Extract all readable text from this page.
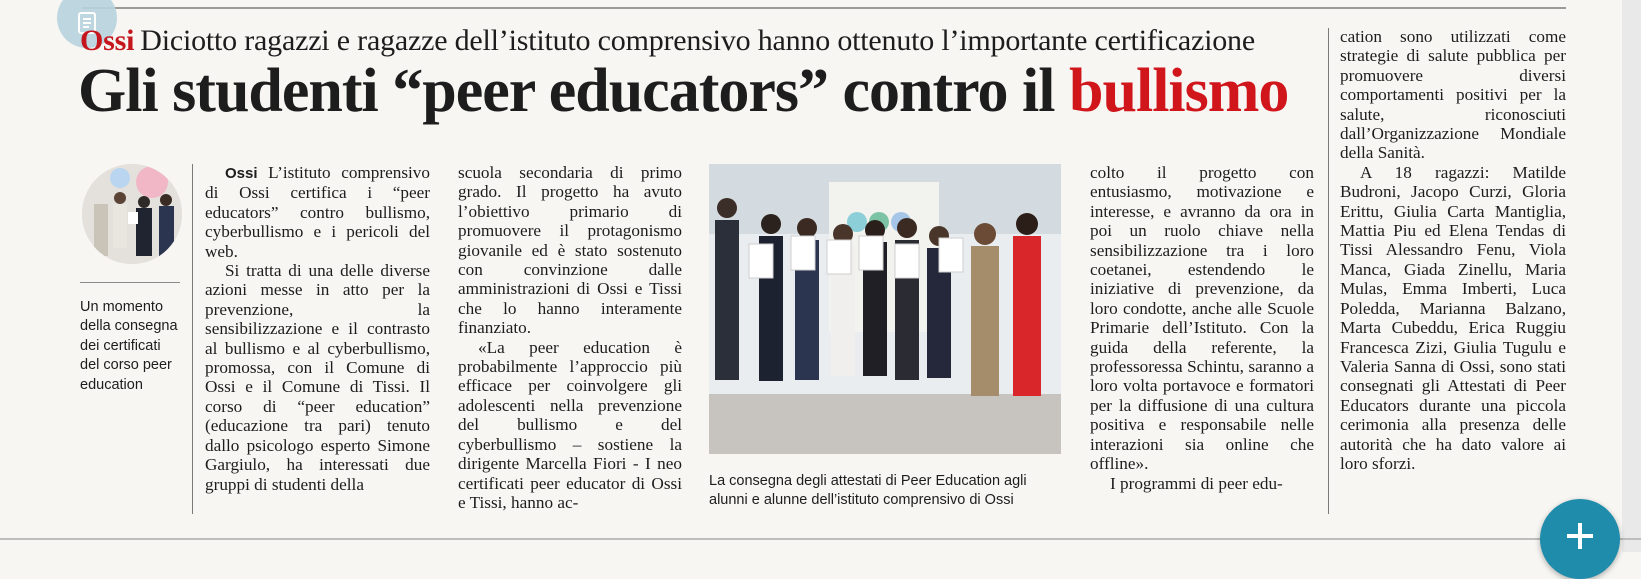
Ossi Diciotto ragazzi e ragazze dell’istituto comprensivo hanno ottenuto l’importante certificazione
Gli studenti “peer educators” contro il bullismo
Un momento della consegna dei certificati del corso peer education

Ossi L’istituto comprensivo di Ossi certifica i “peer educators” contro bullismo, cyberbullismo e i pericoli del web.

Si tratta di una delle diverse azioni messe in atto per la prevenzione, la sensibilizzazione e il contrasto al bullismo e al cyberbullismo, promossa, con il Comune di Ossi e il Comune di Tissi. Il corso di “peer education” (educazione tra pari) tenuto dallo psicologo esperto Simone Gargiulo, ha interessati due gruppi di studenti della

scuola secondaria di primo grado. Il progetto ha avuto l’obiettivo primario di promuovere il protagonismo giovanile ed è stato sostenuto con convinzione dalle amministrazioni di Ossi e Tissi che lo hanno interamente finanziato.

«La peer education è probabilmente l’approccio più efficace per coinvolgere gli adolescenti nella prevenzione del bullismo e del cyberbullismo – sostiene la dirigente Marcella Fiori - I neo certificati peer educator di Ossi e Tissi, hanno ac-

La consegna degli attestati di Peer Education agli alunni e alunne dell’istituto comprensivo di Ossi

colto il progetto con entusiasmo, motivazione e interesse, e avranno da ora in poi un ruolo chiave nella sensibilizzazione tra i loro coetanei, estendendo le iniziative di prevenzione, da loro condotte, anche alle Scuole Primarie dell’Istituto. Con la guida della referente, la professoressa Schintu, saranno a loro volta portavoce e formatori per la diffusione di una cultura positiva e responsabile nelle interazioni sia online che offline».

I programmi di peer edu-

cation sono utilizzati come strategie di salute pubblica per promuovere diversi comportamenti positivi per la salute, riconosciuti dall’Organizzazione Mondiale della Sanità.

A 18 ragazzi: Matilde Budroni, Jacopo Curzi, Gloria Erittu, Giulia Carta Mantiglia, Mattia Piu ed Elena Tendas di Tissi Alessandro Fenu, Viola Manca, Giada Zinellu, Maria Mulas, Emma Imberti, Luca Poledda, Marianna Balzano, Marta Cubeddu, Erica Ruggiu Francesca Zizi, Giulia Tugulu e Valeria Sanna di Ossi, sono stati consegnati gli Attestati di Peer Educators durante una piccola cerimonia alla presenza delle autorità che ha dato valore ai loro sforzi.
